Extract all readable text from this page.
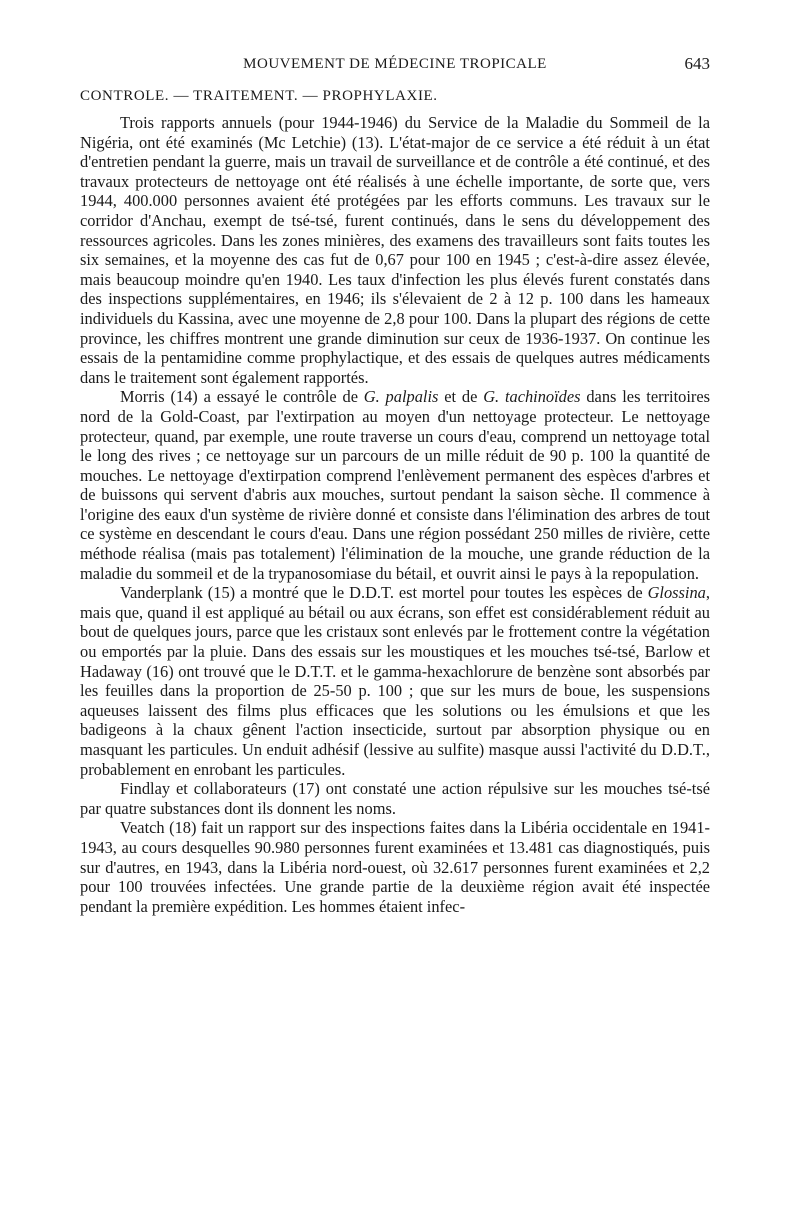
MOUVEMENT DE MÉDECINE TROPICALE	643
CONTROLE. — TRAITEMENT. — PROPHYLAXIE.

Trois rapports annuels (pour 1944-1946) du Service de la Maladie du Sommeil de la Nigéria, ont été examinés (Mc Letchie) (13). L'état-major de ce service a été réduit à un état d'entretien pendant la guerre, mais un travail de surveillance et de contrôle a été continué, et des travaux protecteurs de nettoyage ont été réalisés à une échelle importante, de sorte que, vers 1944, 400.000 personnes avaient été protégées par les efforts communs. Les travaux sur le corridor d'Anchau, exempt de tsé-tsé, furent continués, dans le sens du développement des ressources agricoles. Dans les zones minières, des examens des travailleurs sont faits toutes les six semaines, et la moyenne des cas fut de 0,67 pour 100 en 1945 ; c'est-à-dire assez élevée, mais beaucoup moindre qu'en 1940. Les taux d'infection les plus élevés furent constatés dans des inspections supplémentaires, en 1946; ils s'élevaient de 2 à 12 p. 100 dans les hameaux individuels du Kassina, avec une moyenne de 2,8 pour 100. Dans la plupart des régions de cette province, les chiffres montrent une grande diminution sur ceux de 1936-1937. On continue les essais de la pentamidine comme prophylactique, et des essais de quelques autres médicaments dans le traitement sont également rapportés.

Morris (14) a essayé le contrôle de G. palpalis et de G. tachinoïdes dans les territoires nord de la Gold-Coast, par l'extirpation au moyen d'un nettoyage protecteur. Le nettoyage protecteur, quand, par exemple, une route traverse un cours d'eau, comprend un nettoyage total le long des rives ; ce nettoyage sur un parcours de un mille réduit de 90 p. 100 la quantité de mouches. Le nettoyage d'extirpation comprend l'enlèvement permanent des espèces d'arbres et de buissons qui servent d'abris aux mouches, surtout pendant la saison sèche. Il commence à l'origine des eaux d'un système de rivière donné et consiste dans l'élimination des arbres de tout ce système en descendant le cours d'eau. Dans une région possédant 250 milles de rivière, cette méthode réalisa (mais pas totalement) l'élimination de la mouche, une grande réduction de la maladie du sommeil et de la trypanosomiase du bétail, et ouvrit ainsi le pays à la repopulation.

Vanderplank (15) a montré que le D.D.T. est mortel pour toutes les espèces de Glossina, mais que, quand il est appliqué au bétail ou aux écrans, son effet est considérablement réduit au bout de quelques jours, parce que les cristaux sont enlevés par le frottement contre la végétation ou emportés par la pluie. Dans des essais sur les moustiques et les mouches tsé-tsé, Barlow et Hadaway (16) ont trouvé que le D.T.T. et le gamma-hexachlorure de benzène sont absorbés par les feuilles dans la proportion de 25-50 p. 100 ; que sur les murs de boue, les suspensions aqueuses laissent des films plus efficaces que les solutions ou les émulsions et que les badigeons à la chaux gênent l'action insecticide, surtout par absorption physique ou en masquant les particules. Un enduit adhésif (lessive au sulfite) masque aussi l'activité du D.D.T., probablement en enrobant les particules.

Findlay et collaborateurs (17) ont constaté une action répulsive sur les mouches tsé-tsé par quatre substances dont ils donnent les noms.

Veatch (18) fait un rapport sur des inspections faites dans la Libéria occidentale en 1941-1943, au cours desquelles 90.980 personnes furent examinées et 13.481 cas diagnostiqués, puis sur d'autres, en 1943, dans la Libéria nord-ouest, où 32.617 personnes furent examinées et 2,2 pour 100 trouvées infectées. Une grande partie de la deuxième région avait été inspectée pendant la première expédition. Les hommes étaient infec-
